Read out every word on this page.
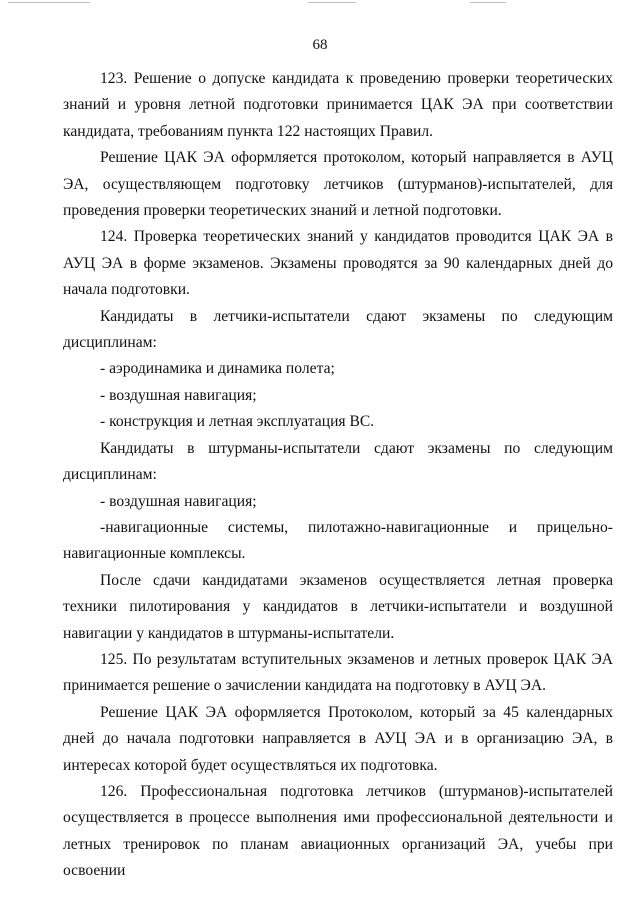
68

123. Решение о допуске кандидата к проведению проверки теоретических знаний и уровня летной подготовки принимается ЦАК ЭА при соответствии кандидата, требованиям пункта 122 настоящих Правил.

Решение ЦАК ЭА оформляется протоколом, который направляется в АУЦ ЭА, осуществляющем подготовку летчиков (штурманов)-испытателей, для проведения проверки теоретических знаний и летной подготовки.

124. Проверка теоретических знаний у кандидатов проводится ЦАК ЭА в АУЦ ЭА в форме экзаменов. Экзамены проводятся за 90 календарных дней до начала подготовки.

Кандидаты в летчики-испытатели сдают экзамены по следующим дисциплинам:

- аэродинамика и динамика полета;

- воздушная навигация;

- конструкция и летная эксплуатация ВС.

Кандидаты в штурманы-испытатели сдают экзамены по следующим дисциплинам:

- воздушная навигация;

-навигационные системы, пилотажно-навигационные и прицельно-навигационные комплексы.

После сдачи кандидатами экзаменов осуществляется летная проверка техники пилотирования у кандидатов в летчики-испытатели и воздушной навигации у кандидатов в штурманы-испытатели.

125. По результатам вступительных экзаменов и летных проверок ЦАК ЭА принимается решение о зачислении кандидата на подготовку в АУЦ ЭА.

Решение ЦАК ЭА оформляется Протоколом, который за 45 календарных дней до начала подготовки направляется в АУЦ ЭА и в организацию ЭА, в интересах которой будет осуществляться их подготовка.

126. Профессиональная подготовка летчиков (штурманов)-испытателей осуществляется в процессе выполнения ими профессиональной деятельности и летных тренировок по планам авиационных организаций ЭА, учебы при освоении
